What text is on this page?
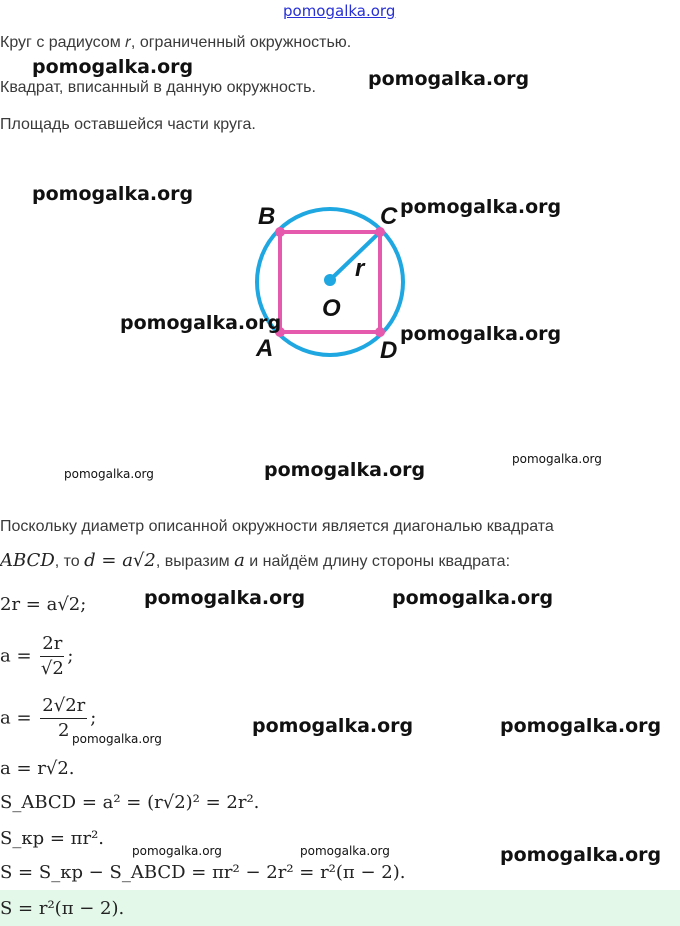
pomogalka.org
Круг с радиусом 𝑟, ограниченный окружностью.
Квадрат, вписанный в данную окружность.
Площадь оставшейся части круга.
B	C
A	D
O
r
Поскольку диаметр описанной окружности является диагональю квадрата
ABCD, то d = a√2, выразим a и найдём длину стороны квадрата:
2r = a√2;
$a = \frac{2r}{√2}$ ;
$a = \frac{2√2r}{2}$ ;
a = r√2.
S_ABCD = a² = (r√2)² = 2r².
S_кр = πr².
S = S_кр − S_ABCD = πr² − 2r² = r²(π − 2).
S = r²(π − 2).
pomogalka.org
pomogalka.org
pomogalka.org
pomogalka.org
pomogalka.org	pomogalka.org
pomogalka.org	pomogalka.org	pomogalka.org
pomogalka.org	pomogalka.org
pomogalka.org
pomogalka.org	pomogalka.org
pomogalka.org	pomogalka.org	pomogalka.org
